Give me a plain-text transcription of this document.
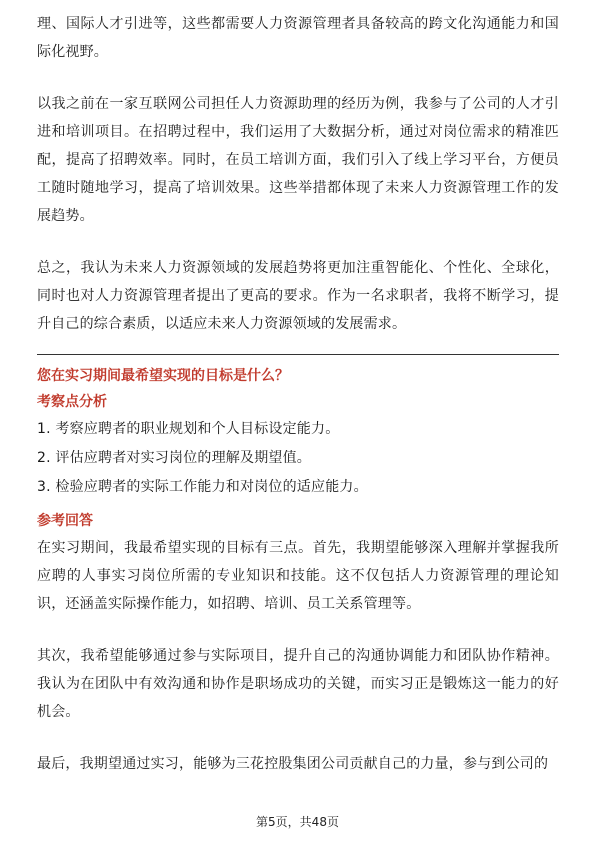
理、国际人才引进等，这些都需要人力资源管理者具备较高的跨文化沟通能力和国际化视野。

以我之前在一家互联网公司担任人力资源助理的经历为例，我参与了公司的人才引进和培训项目。在招聘过程中，我们运用了大数据分析，通过对岗位需求的精准匹配，提高了招聘效率。同时，在员工培训方面，我们引入了线上学习平台，方便员工随时随地学习，提高了培训效果。这些举措都体现了未来人力资源管理工作的发展趋势。

总之，我认为未来人力资源领域的发展趋势将更加注重智能化、个性化、全球化，同时也对人力资源管理者提出了更高的要求。作为一名求职者，我将不断学习，提升自己的综合素质，以适应未来人力资源领域的发展需求。

您在实习期间最希望实现的目标是什么？

考察点分析

1. 考察应聘者的职业规划和个人目标设定能力。
2. 评估应聘者对实习岗位的理解及期望值。
3. 检验应聘者的实际工作能力和对岗位的适应能力。

参考回答

在实习期间，我最希望实现的目标有三点。首先，我期望能够深入理解并掌握我所应聘的人事实习岗位所需的专业知识和技能。这不仅包括人力资源管理的理论知识，还涵盖实际操作能力，如招聘、培训、员工关系管理等。

其次，我希望能够通过参与实际项目，提升自己的沟通协调能力和团队协作精神。我认为在团队中有效沟通和协作是职场成功的关键，而实习正是锻炼这一能力的好机会。

最后，我期望通过实习，能够为三花控股集团公司贡献自己的力量，参与到公司的

第5页，共48页
